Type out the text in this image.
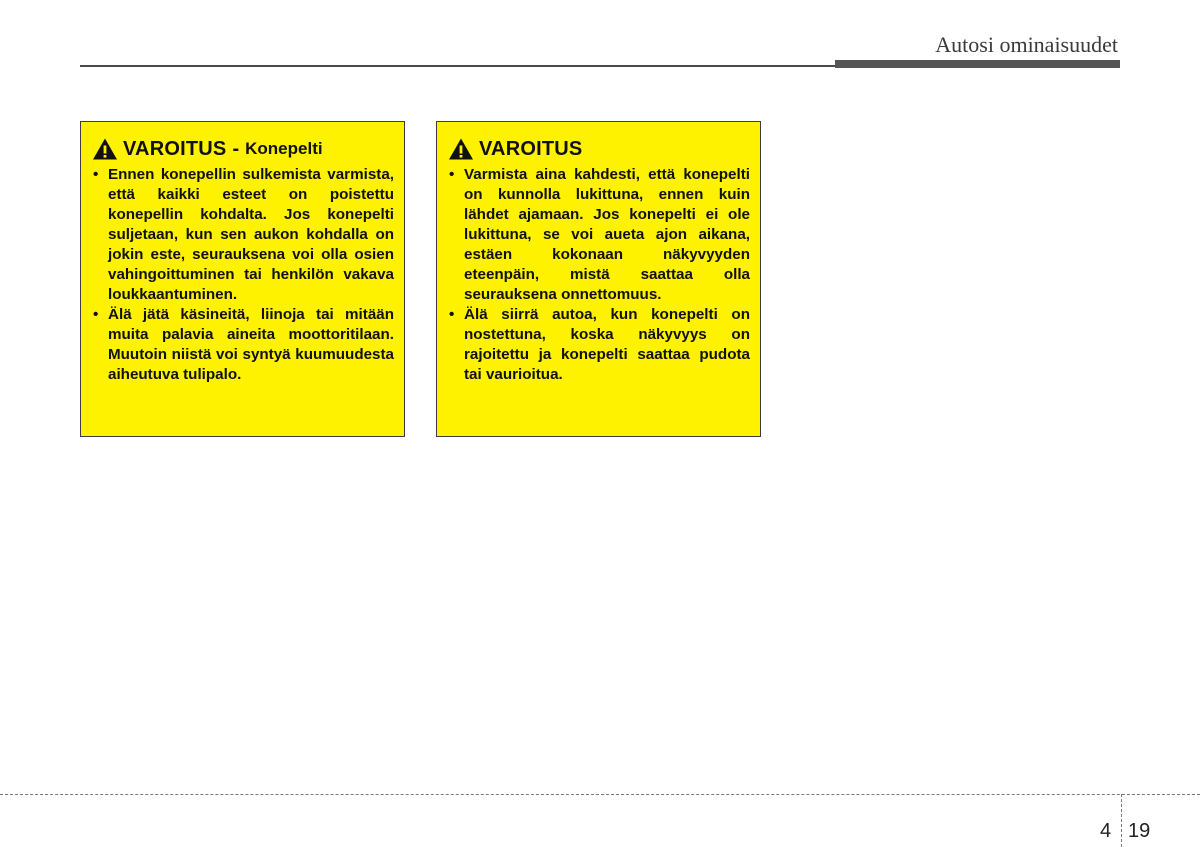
Autosi ominaisuudet
VAROITUS - Konepelti
• Ennen konepellin sulkemista varmista, että kaikki esteet on poistettu konepellin kohdalta. Jos konepelti suljetaan, kun sen aukon kohdalla on jokin este, seurauksena voi olla osien vahingoittuminen tai henkilön vakava loukkaantuminen.
• Älä jätä käsineitä, liinoja tai mitään muita palavia aineita moottoritilaan. Muutoin niistä voi syntyä kuumuudesta aiheutuva tulipalo.
VAROITUS
• Varmista aina kahdesti, että konepelti on kunnolla lukittuna, ennen kuin lähdet ajamaan. Jos konepelti ei ole lukittuna, se voi aueta ajon aikana, estäen kokonaan näkyvyyden eteenpäin, mistä saattaa olla seurauksena onnettomuus.
• Älä siirrä autoa, kun konepelti on nostettuna, koska näkyvyys on rajoitettu ja konepelti saattaa pudota tai vaurioitua.
4 19
